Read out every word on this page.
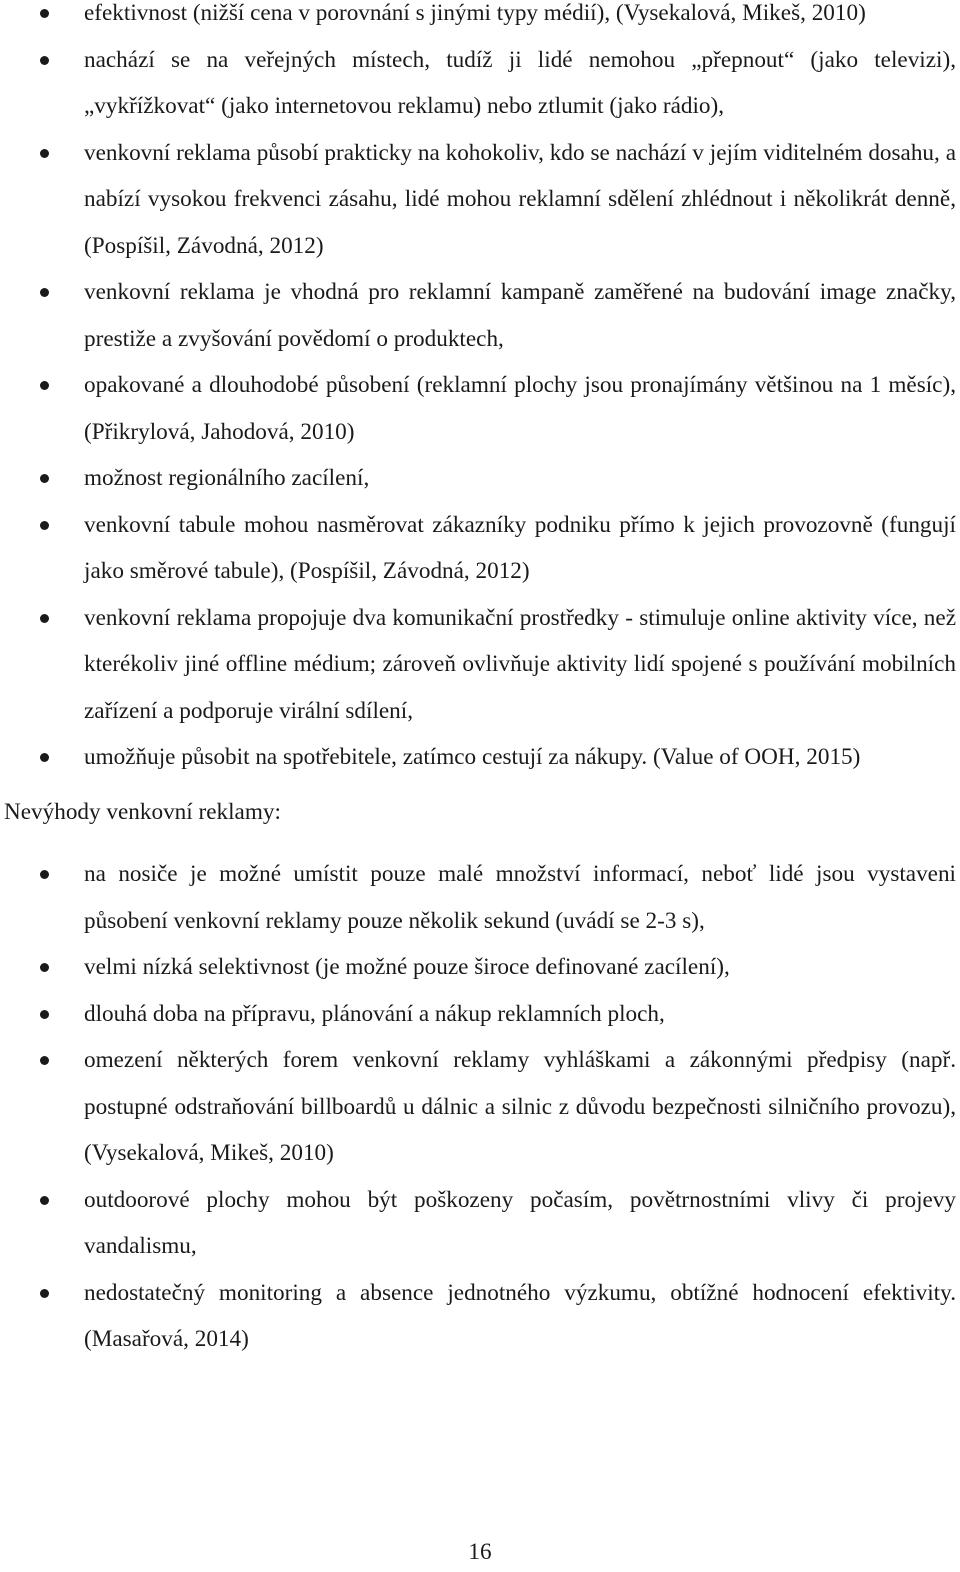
efektivnost (nižší cena v porovnání s jinými typy médií), (Vysekalová, Mikeš, 2010)
nachází se na veřejných místech, tudíž ji lidé nemohou „přepnout“ (jako televizi), „vykřížkovat“ (jako internetovou reklamu) nebo ztlumit (jako rádio),
venkovní reklama působí prakticky na kohokoliv, kdo se nachází v jejím viditelném dosahu, a nabízí vysokou frekvenci zásahu, lidé mohou reklamní sdělení zhlédnout i několikrát denně, (Pospíšil, Závodná, 2012)
venkovní reklama je vhodná pro reklamní kampaně zaměřené na budování image značky, prestiže a zvyšování povědomí o produktech,
opakované a dlouhodobé působení (reklamní plochy jsou pronajímány většinou na 1 měsíc), (Přikrylová, Jahodová, 2010)
možnost regionálního zacílení,
venkovní tabule mohou nasměrovat zákazníky podniku přímo k jejich provozovně (fungují jako směrové tabule), (Pospíšil, Závodná, 2012)
venkovní reklama propojuje dva komunikační prostředky - stimuluje online aktivity více, než kterékoliv jiné offline médium; zároveň ovlivňuje aktivity lidí spojené s používání mobilních zařízení a podporuje virální sdílení,
umožňuje působit na spotřebitele, zatímco cestují za nákupy. (Value of OOH, 2015)
Nevýhody venkovní reklamy:
na nosiče je možné umístit pouze malé množství informací, neboť lidé jsou vystaveni působení venkovní reklamy pouze několik sekund (uvádí se 2-3 s),
velmi nízká selektivnost (je možné pouze široce definované zacílení),
dlouhá doba na přípravu, plánování a nákup reklamních ploch,
omezení některých forem venkovní reklamy vyhláškami a zákonnými předpisy (např. postupné odstraňování billboardů u dálnic a silnic z důvodu bezpečnosti silničního provozu), (Vysekalová, Mikeš, 2010)
outdoorové plochy mohou být poškozeny počasím, povětrnostními vlivy či projevy vandalismu,
nedostatečný monitoring a absence jednotného výzkumu, obtížné hodnocení efektivity. (Masařová, 2014)
16
